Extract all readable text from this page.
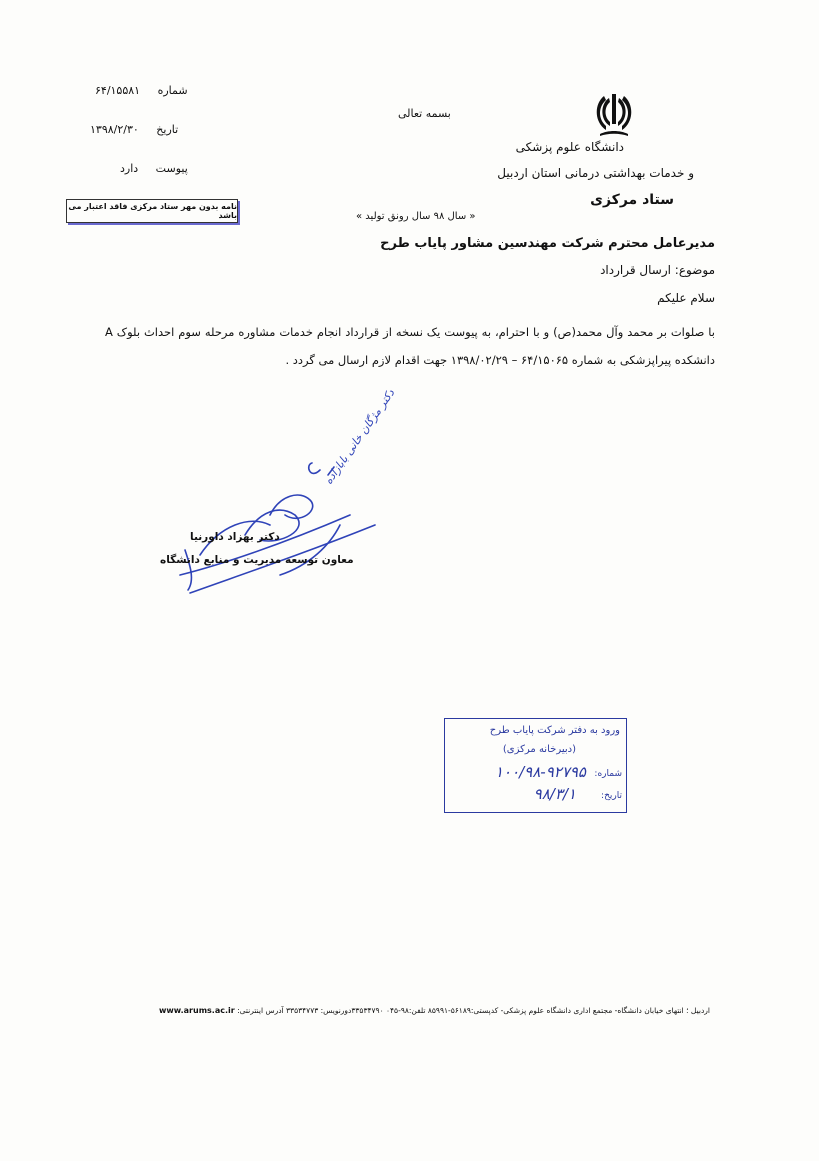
شماره ۶۴/۱۵۵۸۱
تاریخ ۱۳۹۸/۲/۳۰
پیوست دارد
نامه بدون مهر ستاد مرکزی فاقد اعتبار می باشد
بسمه تعالی
« سال ۹۸ سال رونق تولید »
دانشگاه علوم پزشکی
و خدمات بهداشتی درمانی استان اردبیل
ستاد مرکزی
مدیرعامل محترم شرکت مهندسین مشاور پایاب طرح
موضوع: ارسال قرارداد
سلام علیکم

با صلوات بر محمد وآل محمد(ص) و با احترام، به پیوست یک نسخه از قرارداد انجام خدمات مشاوره مرحله سوم احداث بلوک A دانشکده پیراپزشکی به شماره ۶۴/۱۵۰۶۵ – ۱۳۹۸/۰۲/۲۹ جهت اقدام لازم ارسال می گردد .

دکتر مژگان خانی بابازاده
دکتر بهزاد داورنیا
معاون توسعه مدیریت و منابع دانشگاه
ورود به دفتر شرکت پایاب طرح
(دبیرخانه مرکزی)
شماره:
۱۰۰/۹۸-۹۲۷۹۵
تاریخ:
۹۸/۳/۱
اردبیل ؛ انتهای خیابان دانشگاه- مجتمع اداری دانشگاه علوم پزشکی- کدپستی:۵۶۱۸۹-۸۵۹۹۱ تلفن:۹۸-۰۴۵ ۳۳۵۳۴۷۹۰دورنویس: ۳۳۵۳۴۷۷۳ آدرس اینترنتی: www.arums.ac.ir
